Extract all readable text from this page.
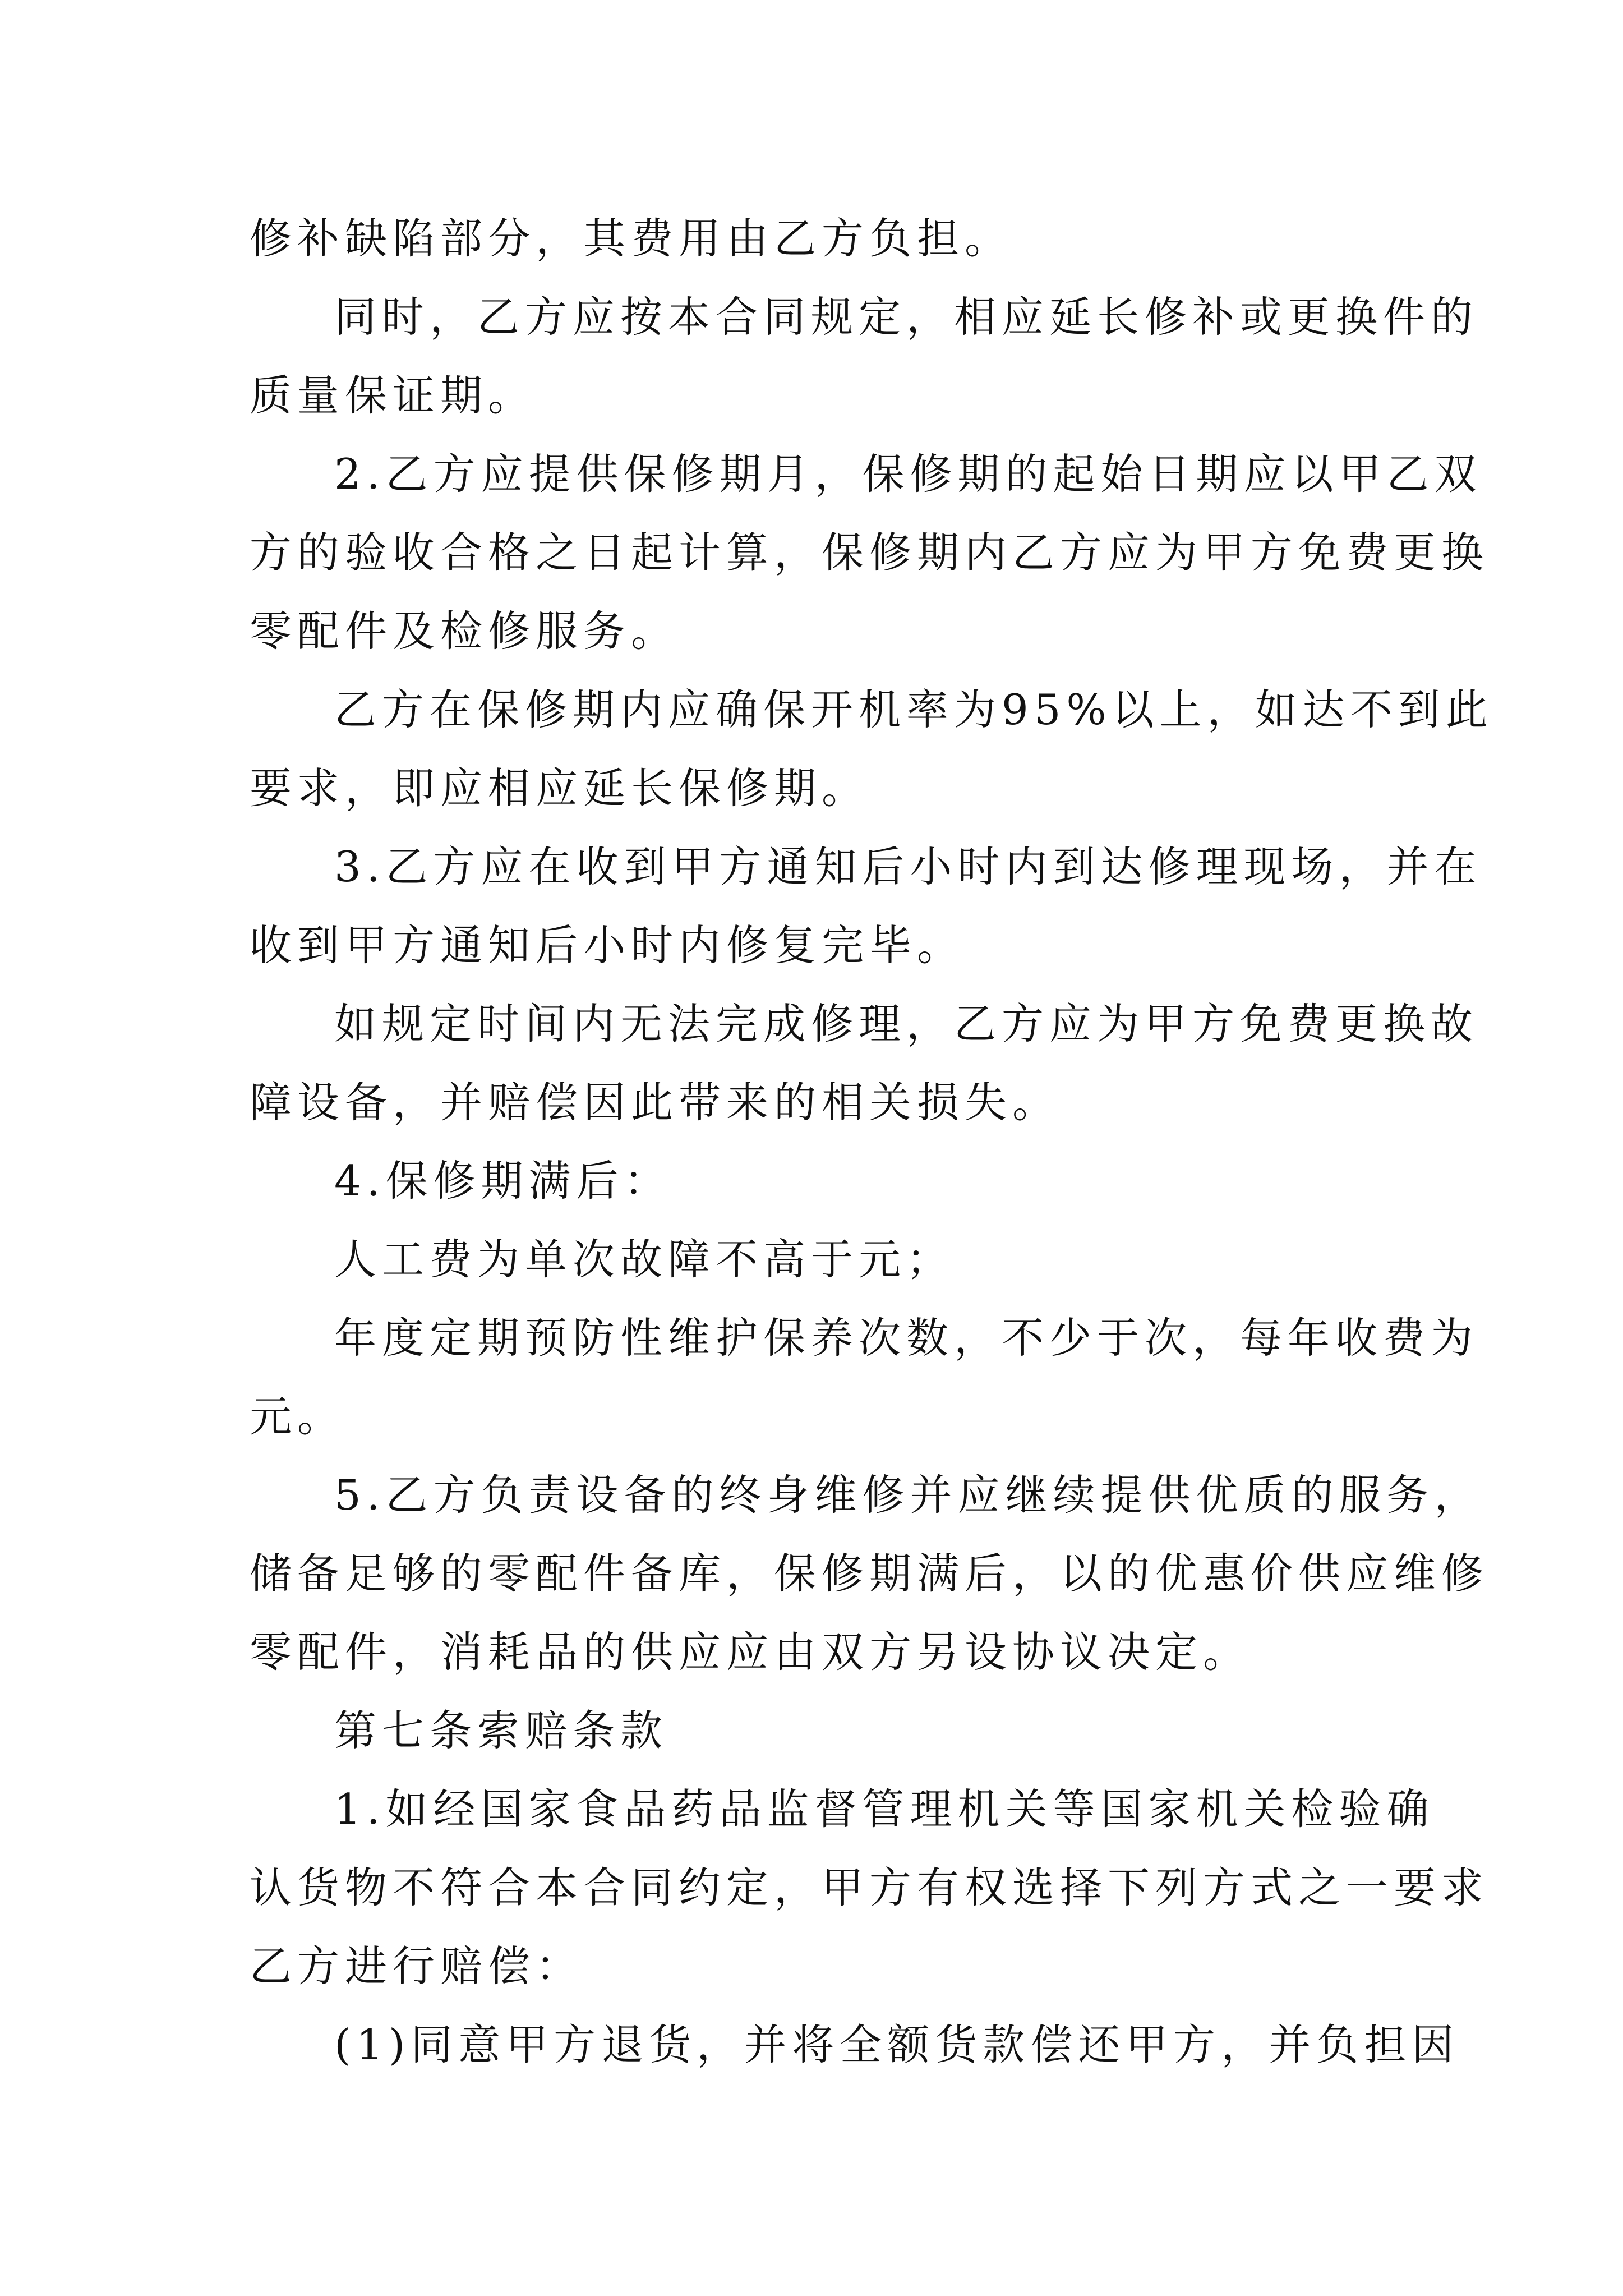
修补缺陷部分，其费用由乙方负担。
同时，乙方应按本合同规定，相应延长修补或更换件的
质量保证期。
2.乙方应提供保修期月，保修期的起始日期应以甲乙双
方的验收合格之日起计算，保修期内乙方应为甲方免费更换
零配件及检修服务。
乙方在保修期内应确保开机率为95%以上，如达不到此
要求，即应相应延长保修期。
3.乙方应在收到甲方通知后小时内到达修理现场，并在
收到甲方通知后小时内修复完毕。
如规定时间内无法完成修理，乙方应为甲方免费更换故
障设备，并赔偿因此带来的相关损失。
4.保修期满后：
人工费为单次故障不高于元；
年度定期预防性维护保养次数，不少于次，每年收费为
元。
5.乙方负责设备的终身维修并应继续提供优质的服务，
储备足够的零配件备库，保修期满后，以的优惠价供应维修
零配件，消耗品的供应应由双方另设协议决定。
第七条索赔条款
1.如经国家食品药品监督管理机关等国家机关检验确
认货物不符合本合同约定，甲方有权选择下列方式之一要求
乙方进行赔偿：
(1)同意甲方退货，并将全额货款偿还甲方，并负担因
